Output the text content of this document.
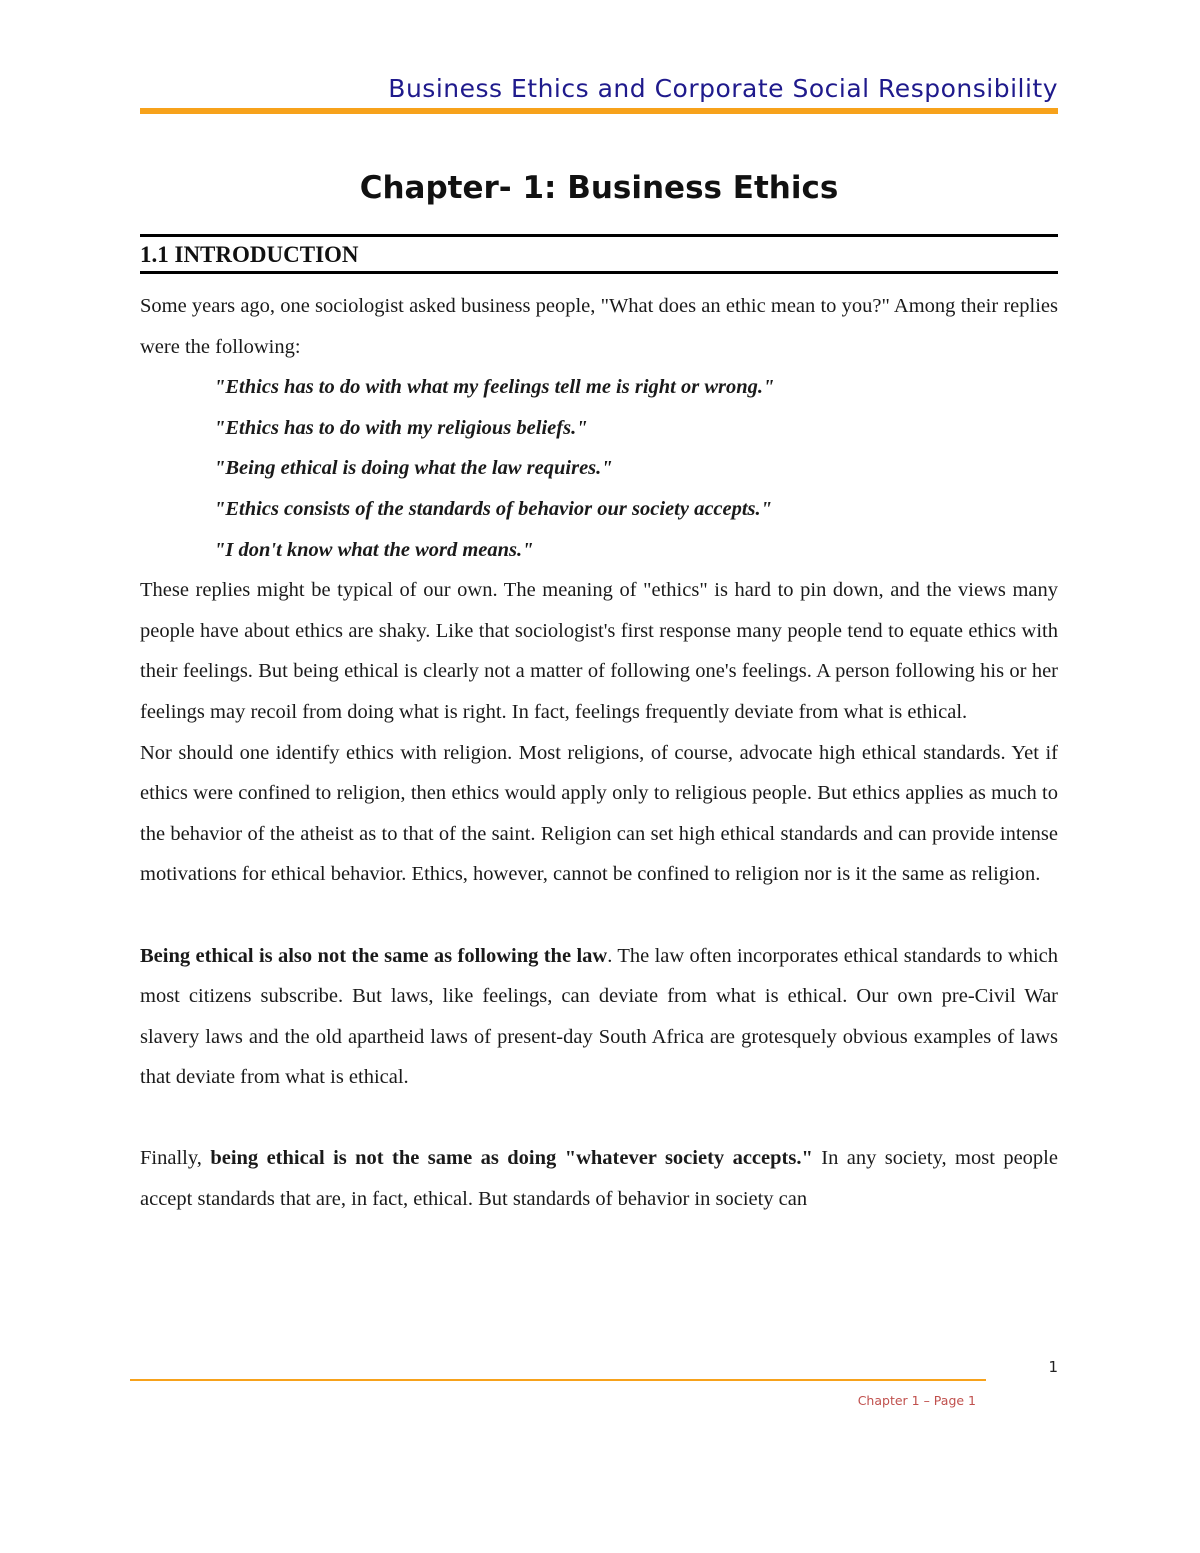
Business Ethics and Corporate Social Responsibility
Chapter- 1: Business Ethics
1.1 INTRODUCTION

Some years ago, one sociologist asked business people, "What does an ethic mean to you?" Among their replies were the following:

"Ethics has to do with what my feelings tell me is right or wrong."
"Ethics has to do with my religious beliefs."
"Being ethical is doing what the law requires."
"Ethics consists of the standards of behavior our society accepts."
"I don't know what the word means."

These replies might be typical of our own. The meaning of "ethics" is hard to pin down, and the views many people have about ethics are shaky. Like that sociologist's first response many people tend to equate ethics with their feelings. But being ethical is clearly not a matter of following one's feelings. A person following his or her feelings may recoil from doing what is right. In fact, feelings frequently deviate from what is ethical.

Nor should one identify ethics with religion. Most religions, of course, advocate high ethical standards. Yet if ethics were confined to religion, then ethics would apply only to religious people. But ethics applies as much to the behavior of the atheist as to that of the saint. Religion can set high ethical standards and can provide intense motivations for ethical behavior. Ethics, however, cannot be confined to religion nor is it the same as religion.

Being ethical is also not the same as following the law. The law often incorporates ethical standards to which most citizens subscribe. But laws, like feelings, can deviate from what is ethical. Our own pre-Civil War slavery laws and the old apartheid laws of present-day South Africa are grotesquely obvious examples of laws that deviate from what is ethical.

Finally, being ethical is not the same as doing "whatever society accepts." In any society, most people accept standards that are, in fact, ethical. But standards of behavior in society can

1
Chapter 1 – Page 1
